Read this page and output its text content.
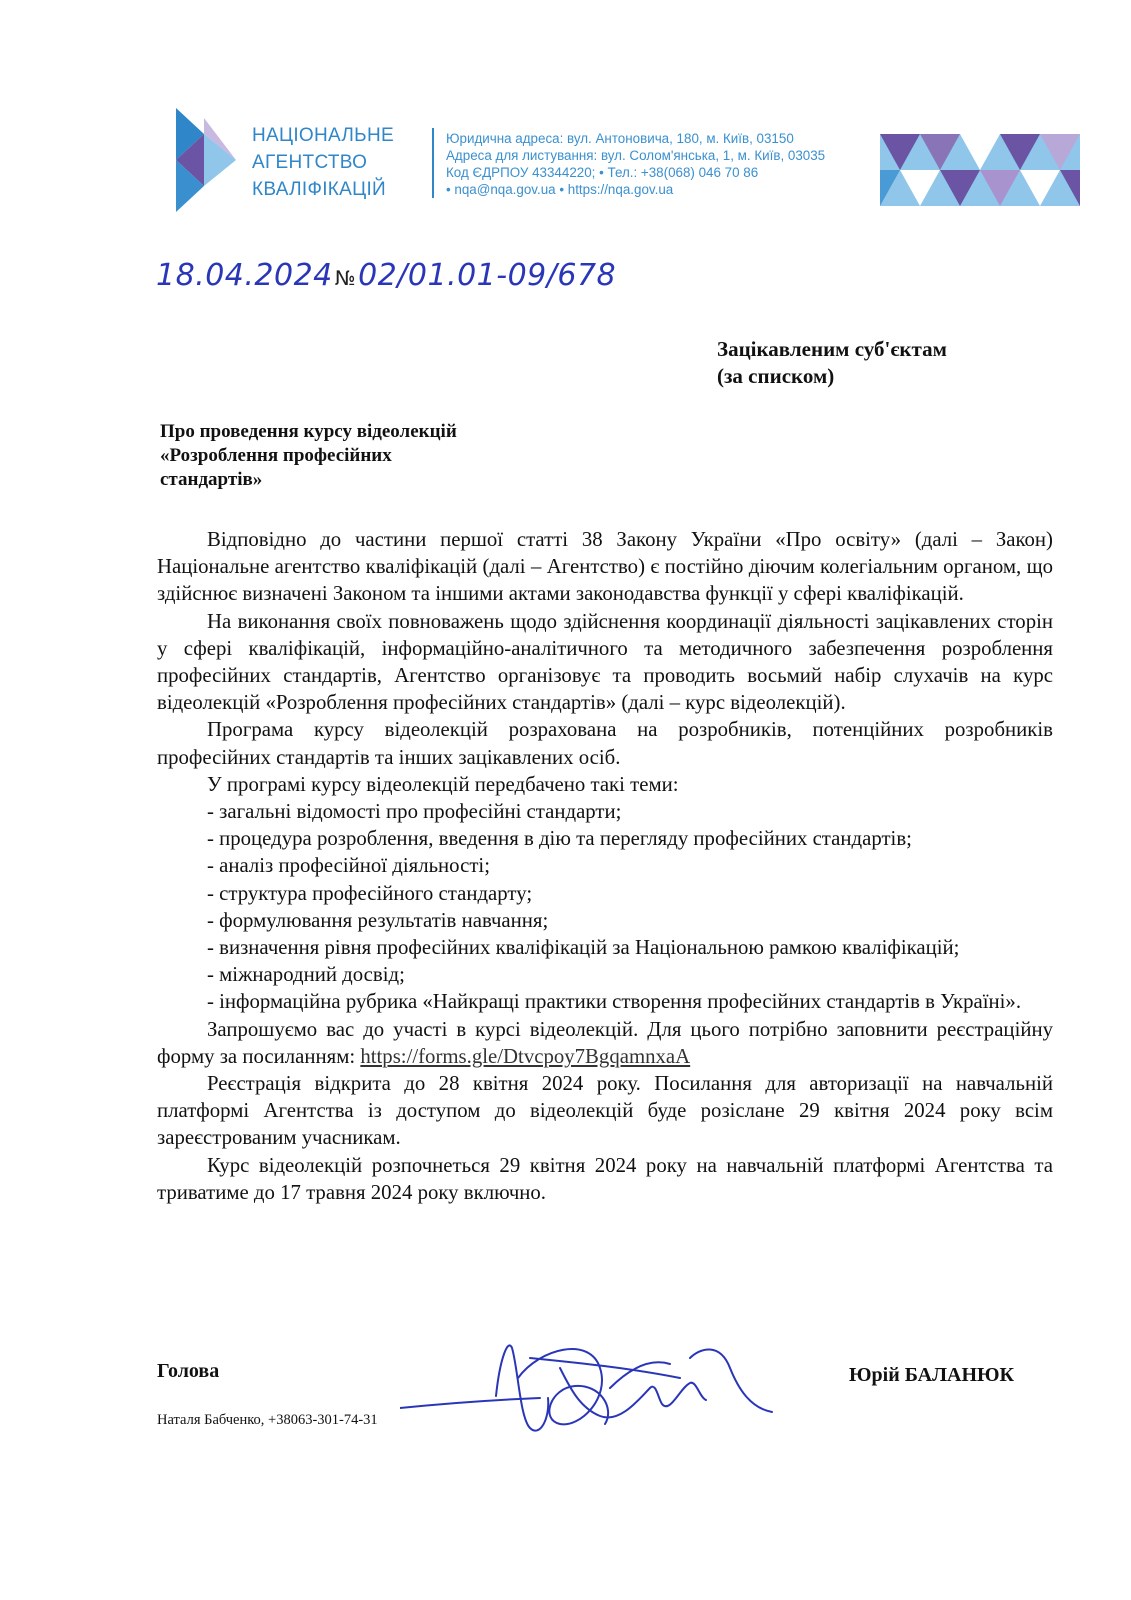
НАЦІОНАЛЬНЕ
АГЕНТСТВО
КВАЛІФІКАЦІЙ
Юридична адреса: вул. Антоновича, 180, м. Київ, 03150
Адреса для листування: вул. Солом'янська, 1, м. Київ, 03035
Код ЄДРПОУ 43344220; • Тел.: +38(068) 046 70 86
• nqa@nqa.gov.ua • https://nqa.gov.ua
18.04.2024 №02/01.01-09/678
Зацікавленим суб'єктам
(за списком)
Про проведення курсу відеолекцій
«Розроблення професійних
стандартів»

Відповідно до частини першої статті 38 Закону України «Про освіту» (далі – Закон) Національне агентство кваліфікацій (далі – Агентство) є постійно діючим колегіальним органом, що здійснює визначені Законом та іншими актами законодавства функції у сфері кваліфікацій.

На виконання своїх повноважень щодо здійснення координації діяльності зацікавлених сторін у сфері кваліфікацій, інформаційно-аналітичного та методичного забезпечення розроблення професійних стандартів, Агентство організовує та проводить восьмий набір слухачів на курс відеолекцій «Розроблення професійних стандартів» (далі – курс відеолекцій).

Програма курсу відеолекцій розрахована на розробників, потенційних розробників професійних стандартів та інших зацікавлених осіб.

У програмі курсу відеолекцій передбачено такі теми:

- загальні відомості про професійні стандарти;
- процедура розроблення, введення в дію та перегляду професійних стандартів;
- аналіз професійної діяльності;
- структура професійного стандарту;
- формулювання результатів навчання;
- визначення рівня професійних кваліфікацій за Національною рамкою кваліфікацій;
- міжнародний досвід;
- інформаційна рубрика «Найкращі практики створення професійних стандартів в Україні».

Запрошуємо вас до участі в курсі відеолекцій. Для цього потрібно заповнити реєстраційну форму за посиланням: https://forms.gle/Dtvcpoy7BgqamnxaA

Реєстрація відкрита до 28 квітня 2024 року. Посилання для авторизації на навчальній платформі Агентства із доступом до відеолекцій буде розіслане 29 квітня 2024 року всім зареєстрованим учасникам.

Курс відеолекцій розпочнеться 29 квітня 2024 року на навчальній платформі Агентства та триватиме до 17 травня 2024 року включно.

Голова	Юрій БАЛАНЮК
Наталя Бабченко, +38063-301-74-31
